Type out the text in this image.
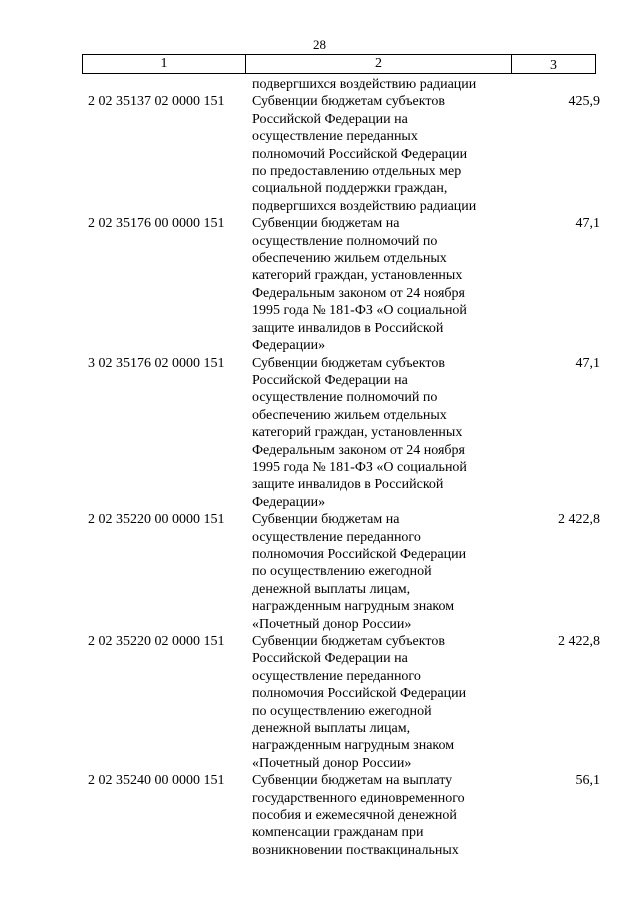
28
1	2	3
подвергшихся воздействию радиации
2 02 35137 02 0000 151	Субвенции бюджетам субъектов
Российской Федерации на
осуществление переданных
полномочий Российской Федерации
по предоставлению отдельных мер
социальной поддержки граждан,
подвергшихся воздействию радиации
425,9
2 02 35176 00 0000 151	Субвенции бюджетам на
осуществление полномочий по
обеспечению жильем отдельных
категорий граждан, установленных
Федеральным законом от 24 ноября
1995 года № 181-ФЗ «О социальной
защите инвалидов в Российской
Федерации»
47,1
3 02 35176 02 0000 151	Субвенции бюджетам субъектов
Российской Федерации на
осуществление полномочий по
обеспечению жильем отдельных
категорий граждан, установленных
Федеральным законом от 24 ноября
1995 года № 181-ФЗ «О социальной
защите инвалидов в Российской
Федерации»
47,1
2 02 35220 00 0000 151	Субвенции бюджетам на
осуществление переданного
полномочия Российской Федерации
по осуществлению ежегодной
денежной выплаты лицам,
награжденным нагрудным знаком
«Почетный донор России»
2 422,8
2 02 35220 02 0000 151	Субвенции бюджетам субъектов
Российской Федерации на
осуществление переданного
полномочия Российской Федерации
по осуществлению ежегодной
денежной выплаты лицам,
награжденным нагрудным знаком
«Почетный донор России»
2 422,8
2 02 35240 00 0000 151	Субвенции бюджетам на выплату
государственного единовременного
пособия и ежемесячной денежной
компенсации гражданам при
возникновении поствакцинальных
56,1
